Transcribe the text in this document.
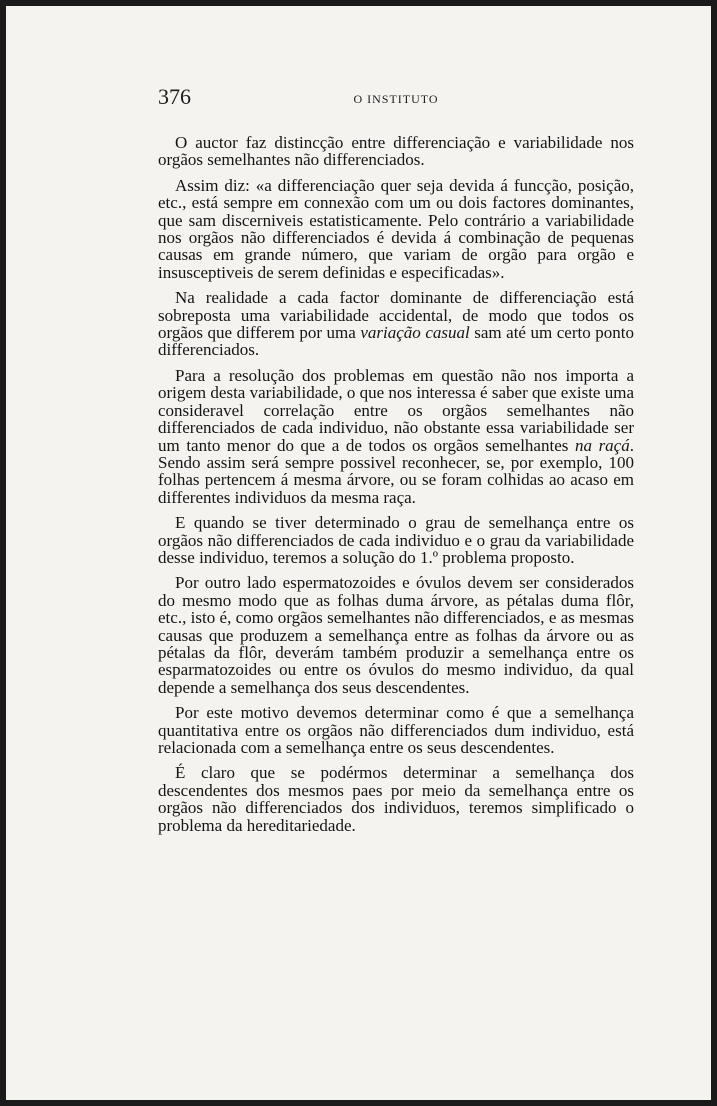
376	O INSTITUTO

O auctor faz distincção entre differenciação e variabilidade nos orgãos semelhantes não differenciados.

Assim diz: «a differenciação quer seja devida á funcção, posição, etc., está sempre em connexão com um ou dois factores dominantes, que sam discerniveis estatisticamente. Pelo contrário a variabilidade nos orgãos não differenciados é devida á combinação de pequenas causas em grande número, que variam de orgão para orgão e insusceptiveis de serem definidas e especificadas».

Na realidade a cada factor dominante de differenciação está sobreposta uma variabilidade accidental, de modo que todos os orgãos que differem por uma variação casual sam até um certo ponto differenciados.

Para a resolução dos problemas em questão não nos importa a origem desta variabilidade, o que nos interessa é saber que existe uma consideravel correlação entre os orgãos semelhantes não differenciados de cada individuo, não obstante essa variabilidade ser um tanto menor do que a de todos os orgãos semelhantes na raçá. Sendo assim será sempre possivel reconhecer, se, por exemplo, 100 folhas pertencem á mesma árvore, ou se foram colhidas ao acaso em differentes individuos da mesma raça.

E quando se tiver determinado o grau de semelhança entre os orgãos não differenciados de cada individuo e o grau da variabilidade desse individuo, teremos a solução do 1.º problema proposto.

Por outro lado espermatozoides e óvulos devem ser considerados do mesmo modo que as folhas duma árvore, as pétalas duma flôr, etc., isto é, como orgãos semelhantes não differenciados, e as mesmas causas que produzem a semelhança entre as folhas da árvore ou as pétalas da flôr, deverám também produzir a semelhança entre os esparmatozoides ou entre os óvulos do mesmo individuo, da qual depende a semelhança dos seus descendentes.

Por este motivo devemos determinar como é que a semelhança quantitativa entre os orgãos não differenciados dum individuo, está relacionada com a semelhança entre os seus descendentes.

É claro que se podérmos determinar a semelhança dos descendentes dos mesmos paes por meio da semelhança entre os orgãos não differenciados dos individuos, teremos simplificado o problema da hereditariedade.
